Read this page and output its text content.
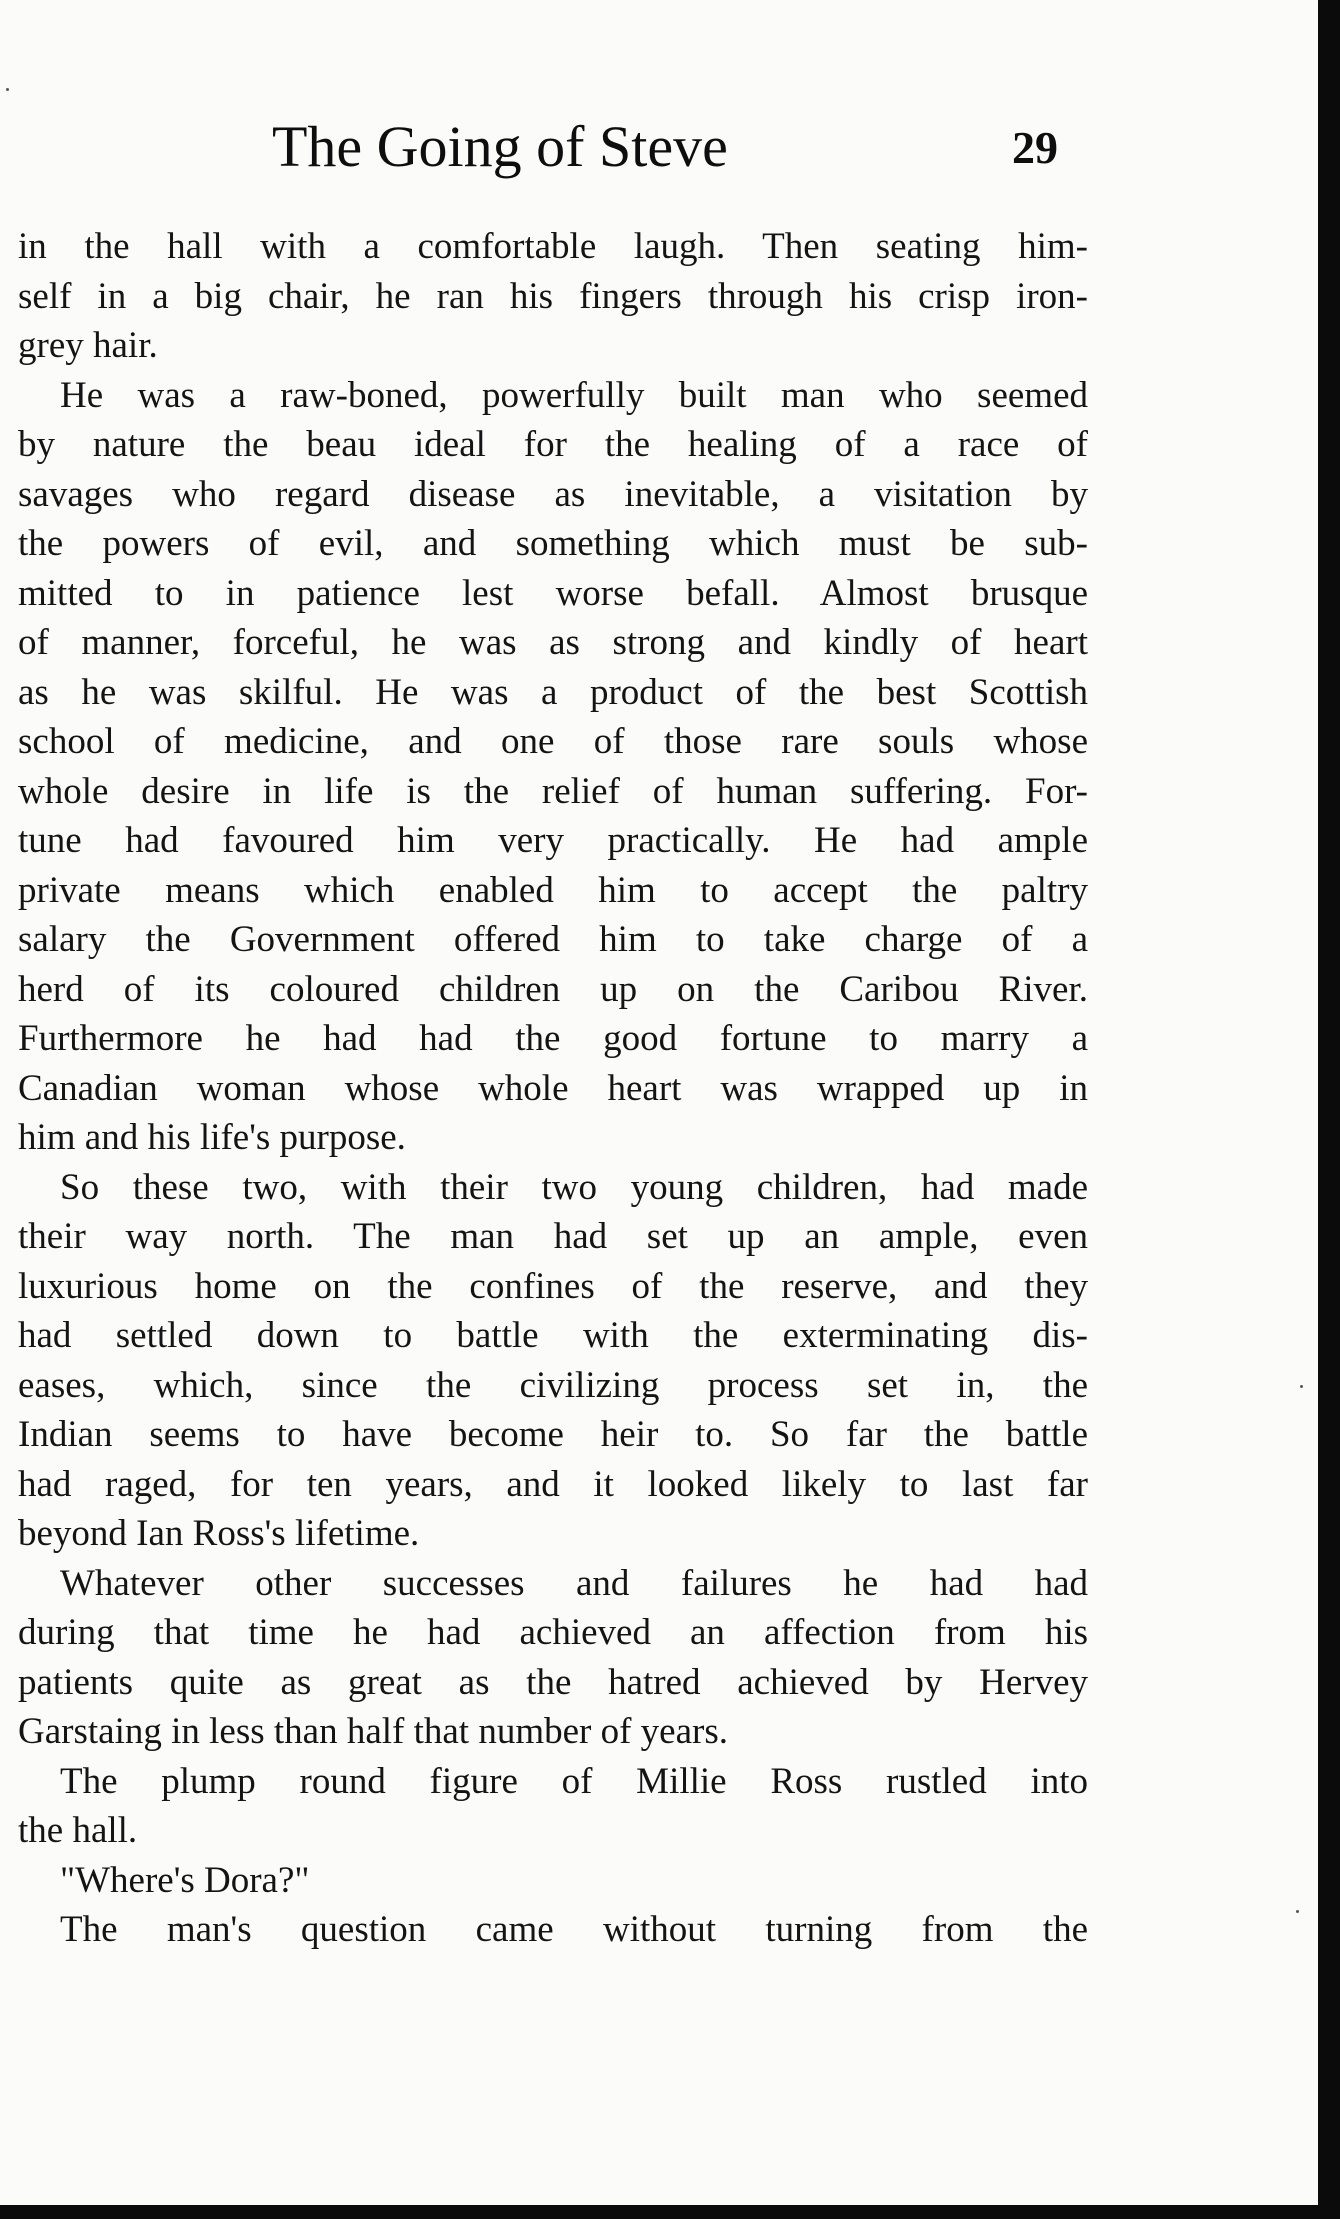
The Going of Steve	29
in the hall with a comfortable laugh. Then seating him-
self in a big chair, he ran his fingers through his crisp iron-
grey hair.
He was a raw-boned, powerfully built man who seemed
by nature the beau ideal for the healing of a race of
savages who regard disease as inevitable, a visitation by
the powers of evil, and something which must be sub-
mitted to in patience lest worse befall. Almost brusque
of manner, forceful, he was as strong and kindly of heart
as he was skilful. He was a product of the best Scottish
school of medicine, and one of those rare souls whose
whole desire in life is the relief of human suffering. For-
tune had favoured him very practically. He had ample
private means which enabled him to accept the paltry
salary the Government offered him to take charge of a
herd of its coloured children up on the Caribou River.
Furthermore he had had the good fortune to marry a
Canadian woman whose whole heart was wrapped up in
him and his life's purpose.
So these two, with their two young children, had made
their way north. The man had set up an ample, even
luxurious home on the confines of the reserve, and they
had settled down to battle with the exterminating dis-
eases, which, since the civilizing process set in, the
Indian seems to have become heir to. So far the battle
had raged, for ten years, and it looked likely to last far
beyond Ian Ross's lifetime.
Whatever other successes and failures he had had
during that time he had achieved an affection from his
patients quite as great as the hatred achieved by Hervey
Garstaing in less than half that number of years.
The plump round figure of Millie Ross rustled into
the hall.
"Where's Dora?"
The man's question came without turning from the
